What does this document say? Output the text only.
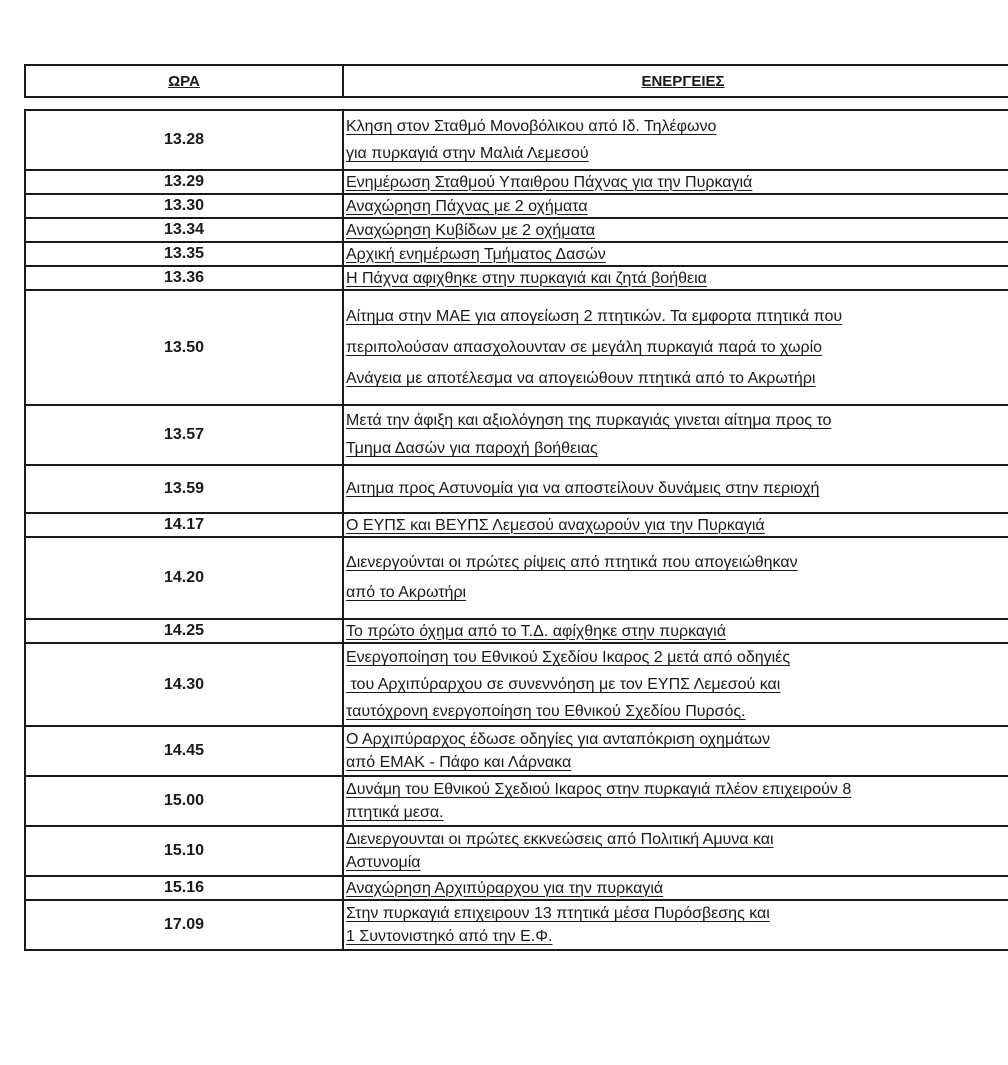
ΩΡΑ	ΕΝΕΡΓΕΙΕΣ
13.28	Κληση στον Σταθμό Μονοβόλικου από Ιδ. Τηλέφωνο
για πυρκαγιά στην Μαλιά Λεμεσού

13.29	Ενημέρωση Σταθμού Υπαιθρου Πάχνας για την Πυρκαγιά

13.30	Αναχώρηση Πάχνας με 2 οχήματα

13.34	Αναχώρηση Κυβίδων με 2 οχήματα

13.35	Αρχική ενημέρωση Τμήματος Δασών

13.36	Η Πάχνα αφιχθηκε στην πυρκαγιά και ζητά βοήθεια

13.50	Αίτημα στην ΜΑΕ για απογείωση 2 πτητικών. Τα εμφορτα πτητικά που
περιπολούσαν απασχολουνταν σε μεγάλη πυρκαγιά παρά το χωρίο
Ανάγεια με αποτέλεσμα να απογειώθουν πτητικά από το Ακρωτήρι

13.57	Μετά την άφιξη και αξιολόγηση της πυρκαγιάς γινεται αίτημα προς το
Τμημα Δασών για παροχή βοήθειας

13.59	Αιτημα προς Αστυνομία για να αποστείλουν δυνάμεις στην περιοχή

14.17	Ο ΕΥΠΣ και ΒΕΥΠΣ Λεμεσού αναχωρούν για την Πυρκαγιά

14.20	Διενεργούνται οι πρώτες ρίψεις από πτητικά που απογειώθηκαν
από το Ακρωτήρι

14.25	Το πρώτο όχημα από το Τ.Δ. αφίχθηκε στην πυρκαγιά

14.30	Ενεργοποίηση του Εθνικού Σχεδίου Ικαρος 2 μετά από οδηγιές
του Αρχιπύραρχου σε συνεννόηση με τον ΕΥΠΣ Λεμεσού και
ταυτόχρονη ενεργοποίηση του Εθνικού Σχεδίου Πυρσός.

14.45	Ο Αρχιπύραρχος έδωσε οδηγίες για ανταπόκριση οχημάτων
από ΕΜΑΚ - Πάφο και Λάρνακα

15.00	Δυνάμη του Εθνικού Σχεδιού Ικαρος στην πυρκαγιά πλέον επιχειρούν 8
πτητικά μεσα.

15.10	Διενεργουνται οι πρώτες εκκνεώσεις από Πολιτική Αμυνα και
Αστυνομία

15.16	Αναχώρηση Αρχιπύραρχου για την πυρκαγιά

17.09	Στην πυρκαγιά επιχειρουν 13 πτητικά μέσα Πυρόσβεσης και
1 Συντονιστηκό από την Ε.Φ.
